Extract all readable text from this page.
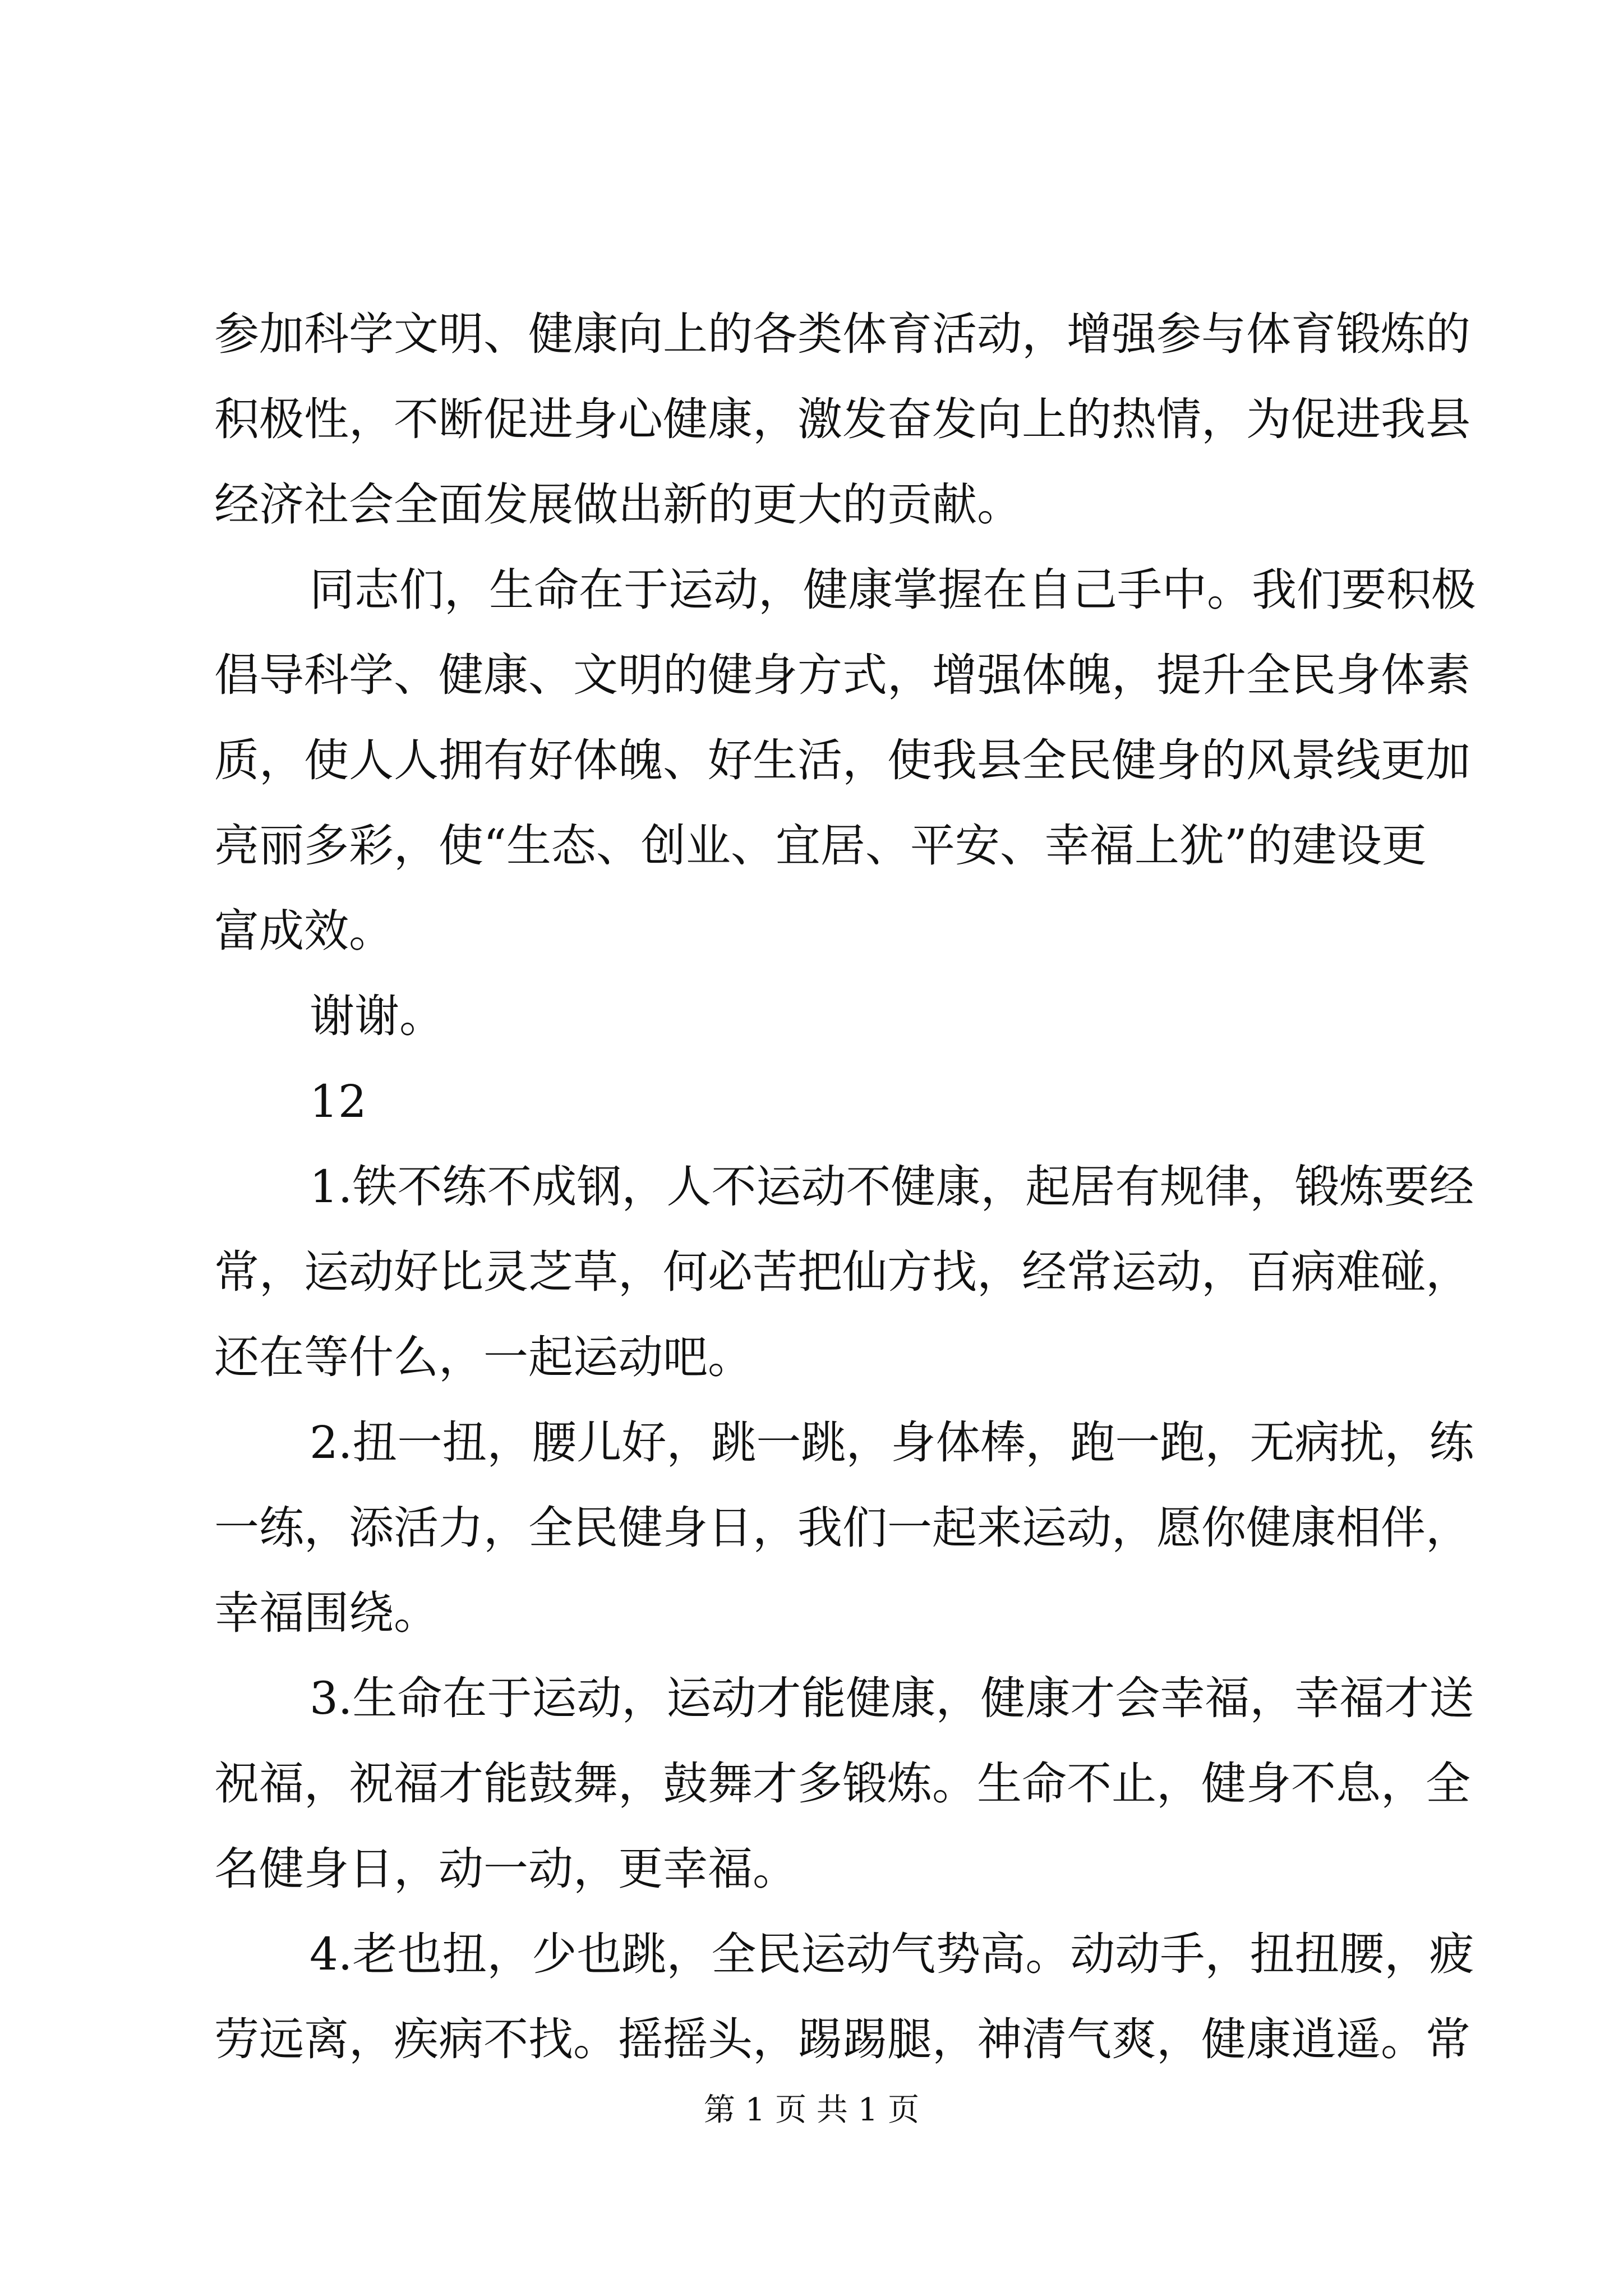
参加科学文明、健康向上的各类体育活动，增强参与体育锻炼的
积极性，不断促进身心健康，激发奋发向上的热情，为促进我县
经济社会全面发展做出新的更大的贡献。
同志们，生命在于运动，健康掌握在自己手中。我们要积极
倡导科学、健康、文明的健身方式，增强体魄，提升全民身体素
质，使人人拥有好体魄、好生活，使我县全民健身的风景线更加
亮丽多彩，使“生态、创业、宜居、平安、幸福上犹”的建设更
富成效。
谢谢。
12
1.铁不练不成钢，人不运动不健康，起居有规律，锻炼要经
常，运动好比灵芝草，何必苦把仙方找，经常运动，百病难碰，
还在等什么，一起运动吧。
2.扭一扭，腰儿好，跳一跳，身体棒，跑一跑，无病扰，练
一练，添活力，全民健身日，我们一起来运动，愿你健康相伴，
幸福围绕。
3.生命在于运动，运动才能健康，健康才会幸福，幸福才送
祝福，祝福才能鼓舞，鼓舞才多锻炼。生命不止，健身不息，全
名健身日，动一动，更幸福。
4.老也扭，少也跳，全民运动气势高。动动手，扭扭腰，疲
劳远离，疾病不找。摇摇头，踢踢腿，神清气爽，健康逍遥。常
第 1 页 共 1 页
